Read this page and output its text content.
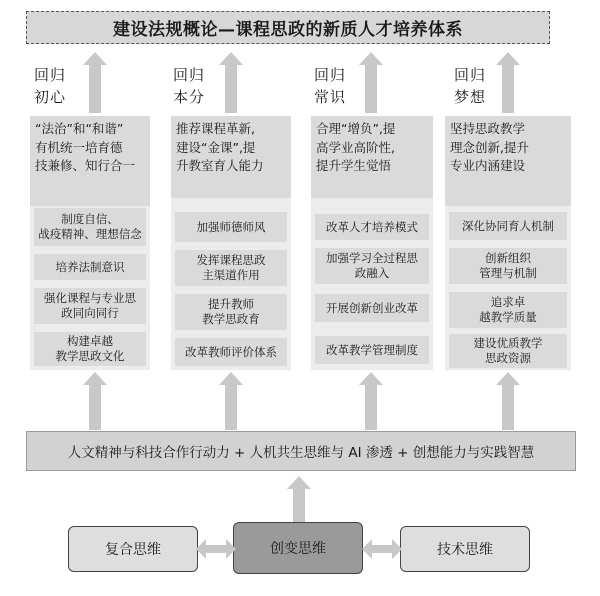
建设法规概论—课程思政的新质人才培养体系
回归
初心
回归
本分
回归
常识
回归
梦想
“法治”和“和谐”
有机统一培育德
技兼修、知行合一
制度自信、
战疫精神、理想信念
培养法制意识
强化课程与专业思
政同向同行
构建卓越
教学思政文化
推荐课程革新,
建设“金课”,提
升教室育人能力
加强师德师风
发挥课程思政
主渠道作用
提升教师
教学思政育
改革教师评价体系
合理“增负”,提
高学业高阶性,
提升学生觉悟
改革人才培养模式
加强学习全过程思
政融入
开展创新创业改革
改革教学管理制度
坚持思政教学
理念创新,提升
专业内涵建设
深化协同育人机制
创新组织
管理与机制
追求卓
越教学质量
建设优质教学
思政资源
人文精神与科技合作行动力 + 人机共生思维与 AI 渗透 + 创想能力与实践智慧
复合思维	创变思维	技术思维
